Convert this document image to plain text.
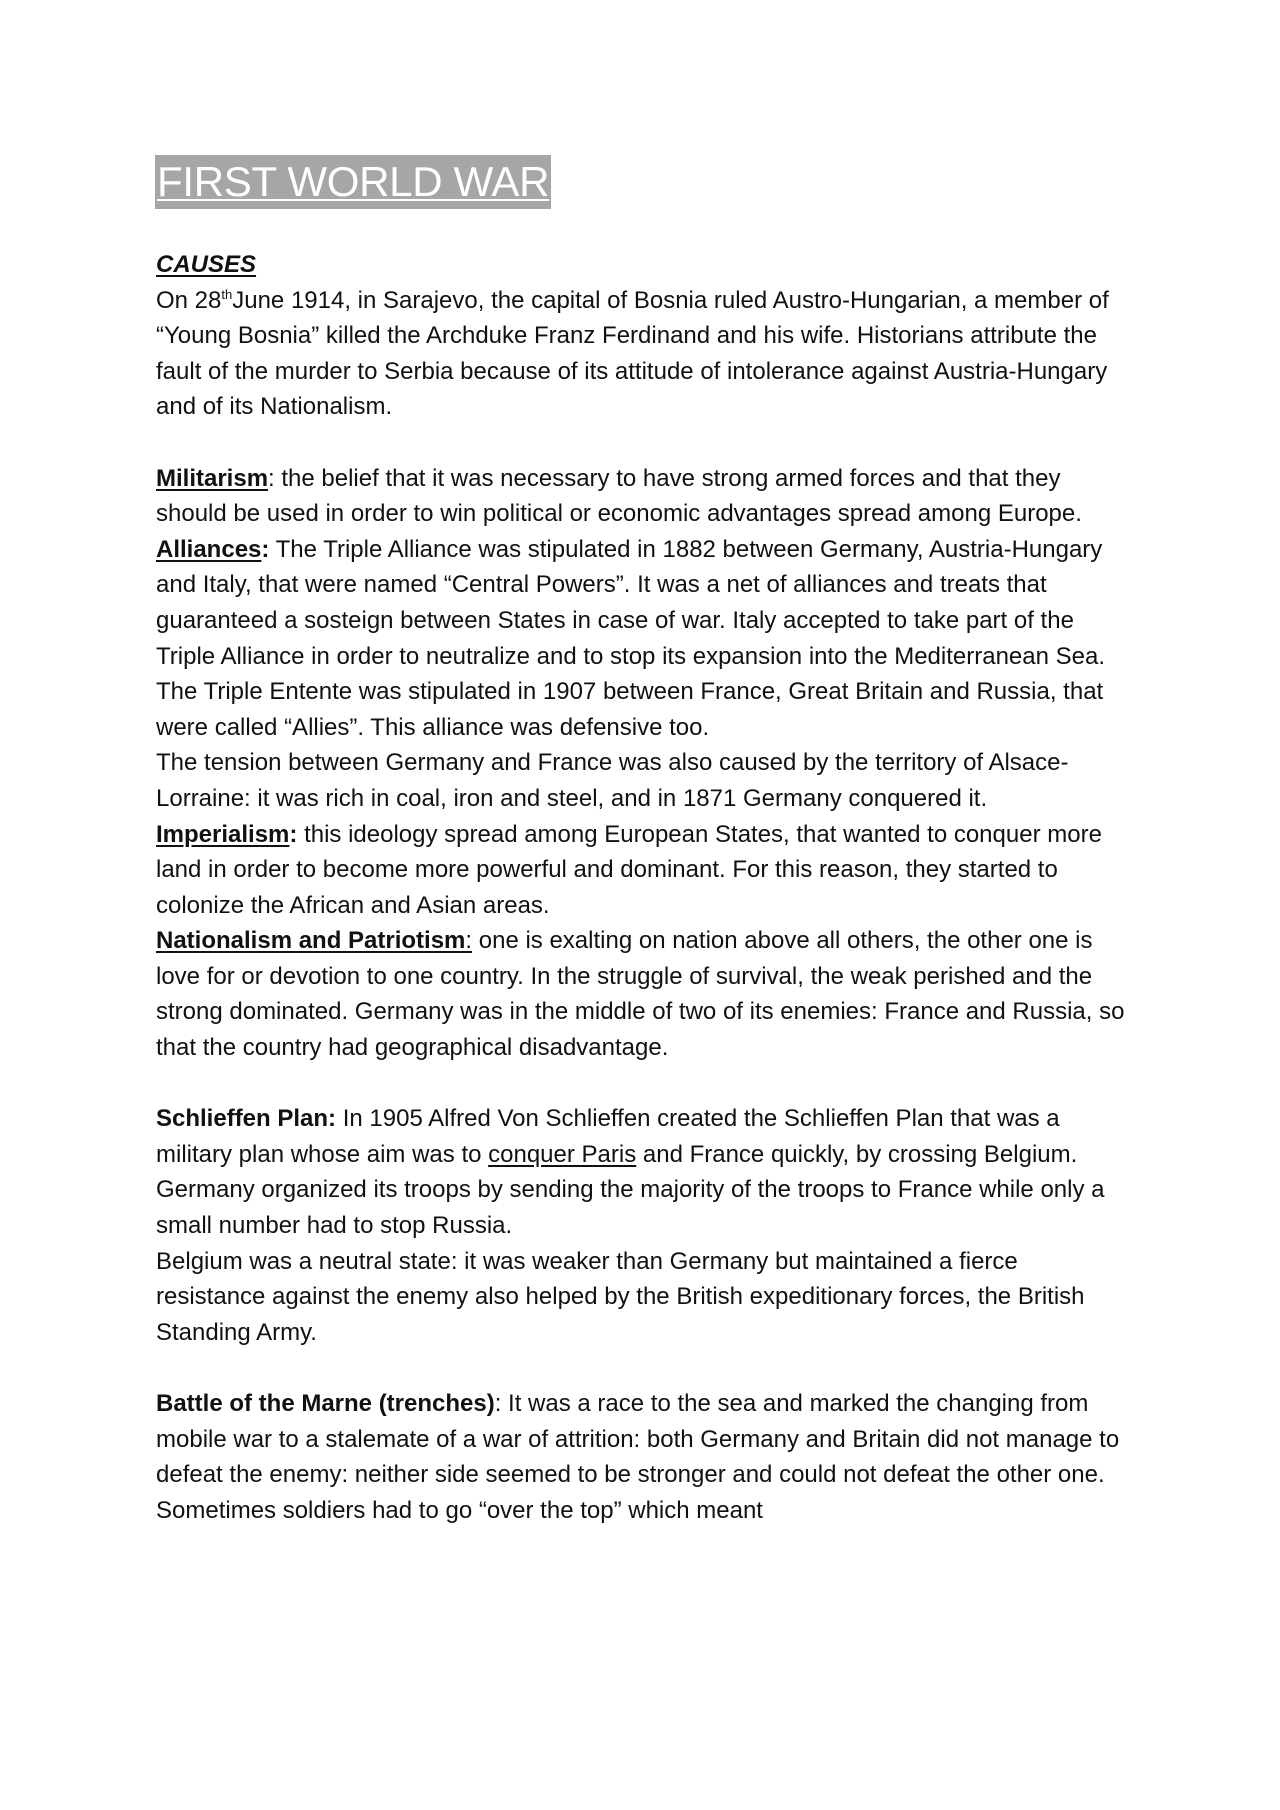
FIRST WORLD WAR

CAUSES

On 28thJune 1914, in Sarajevo, the capital of Bosnia ruled Austro-Hungarian, a member of “Young Bosnia” killed the Archduke Franz Ferdinand and his wife. Historians attribute the fault of the murder to Serbia because of its attitude of intolerance against Austria-Hungary and of its Nationalism.

Militarism: the belief that it was necessary to have strong armed forces and that they should be used in order to win political or economic advantages spread among Europe.

Alliances: The Triple Alliance was stipulated in 1882 between Germany, Austria-Hungary and Italy, that were named “Central Powers”. It was a net of alliances and treats that guaranteed a sosteign between States in case of war. Italy accepted to take part of the Triple Alliance in order to neutralize and to stop its expansion into the Mediterranean Sea.

The Triple Entente was stipulated in 1907 between France, Great Britain and Russia, that were called “Allies”. This alliance was defensive too.

The tension between Germany and France was also caused by the territory of Alsace-Lorraine: it was rich in coal, iron and steel, and in 1871 Germany conquered it.

Imperialism: this ideology spread among European States, that wanted to conquer more land in order to become more powerful and dominant. For this reason, they started to colonize the African and Asian areas.

Nationalism and Patriotism: one is exalting on nation above all others, the other one is love for or devotion to one country. In the struggle of survival, the weak perished and the strong dominated. Germany was in the middle of two of its enemies: France and Russia, so that the country had geographical disadvantage.

Schlieffen Plan: In 1905 Alfred Von Schlieffen created the Schlieffen Plan that was a military plan whose aim was to conquer Paris and France quickly, by crossing Belgium. Germany organized its troops by sending the majority of the troops to France while only a small number had to stop Russia.

Belgium was a neutral state: it was weaker than Germany but maintained a fierce resistance against the enemy also helped by the British expeditionary forces, the British Standing Army.

Battle of the Marne (trenches): It was a race to the sea and marked the changing from mobile war to a stalemate of a war of attrition: both Germany and Britain did not manage to defeat the enemy: neither side seemed to be stronger and could not defeat the other one. Sometimes soldiers had to go “over the top” which meant
